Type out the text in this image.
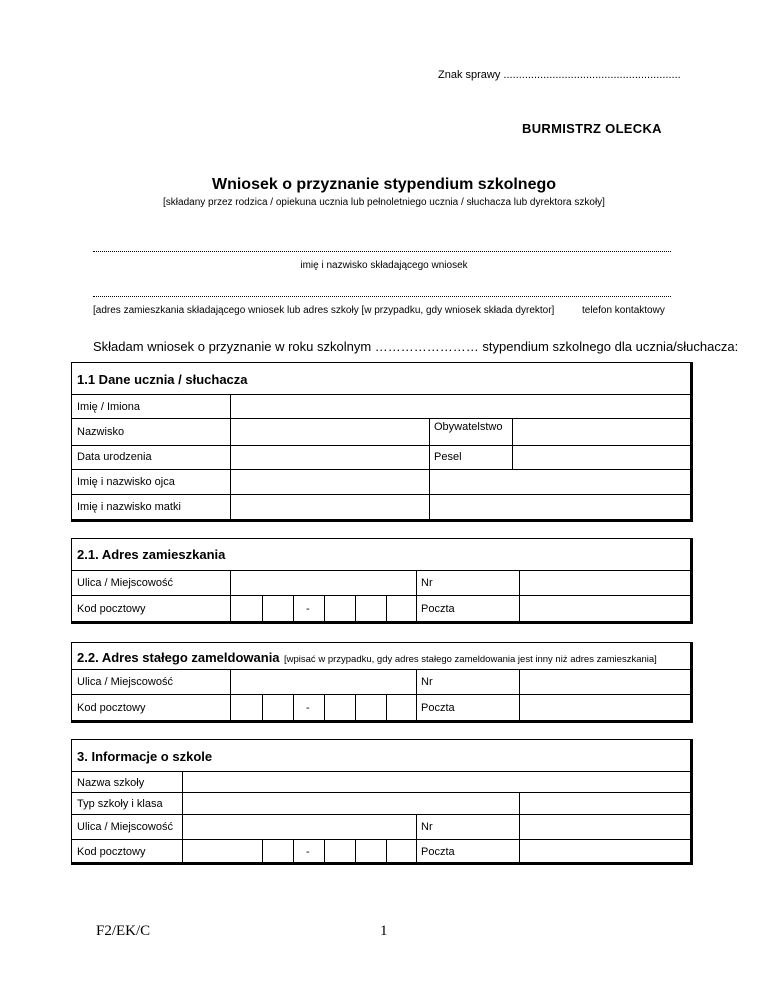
Znak sprawy ..........................................................
BURMISTRZ OLECKA
Wniosek o przyznanie stypendium szkolnego
[składany przez rodzica / opiekuna ucznia lub pełnoletniego ucznia / słuchacza lub dyrektora szkoły]
imię i nazwisko składającego wniosek
[adres zamieszkania składającego wniosek lub adres szkoły [w przypadku, gdy wniosek składa dyrektor]	telefon kontaktowy
Składam wniosek o przyznanie w roku szkolnym …………………… stypendium szkolnego dla ucznia/słuchacza:
1.1 Dane ucznia / słuchacza
Imię / Imiona
Nazwisko	Obywatelstwo
Data urodzenia	Pesel
Imię i nazwisko ojca
Imię i nazwisko matki
2.1. Adres zamieszkania
Ulica / Miejscowość	Nr
Kod pocztowy	-	Poczta
2.2. Adres stałego zameldowania [wpisać w przypadku, gdy adres stałego zameldowania jest inny niż adres zamieszkania]
Ulica / Miejscowość	Nr
Kod pocztowy	-	Poczta
3. Informacje o szkole
Nazwa szkoły
Typ szkoły i klasa
Ulica / Miejscowość	Nr
Kod pocztowy	-	Poczta
F2/EK/C	1
